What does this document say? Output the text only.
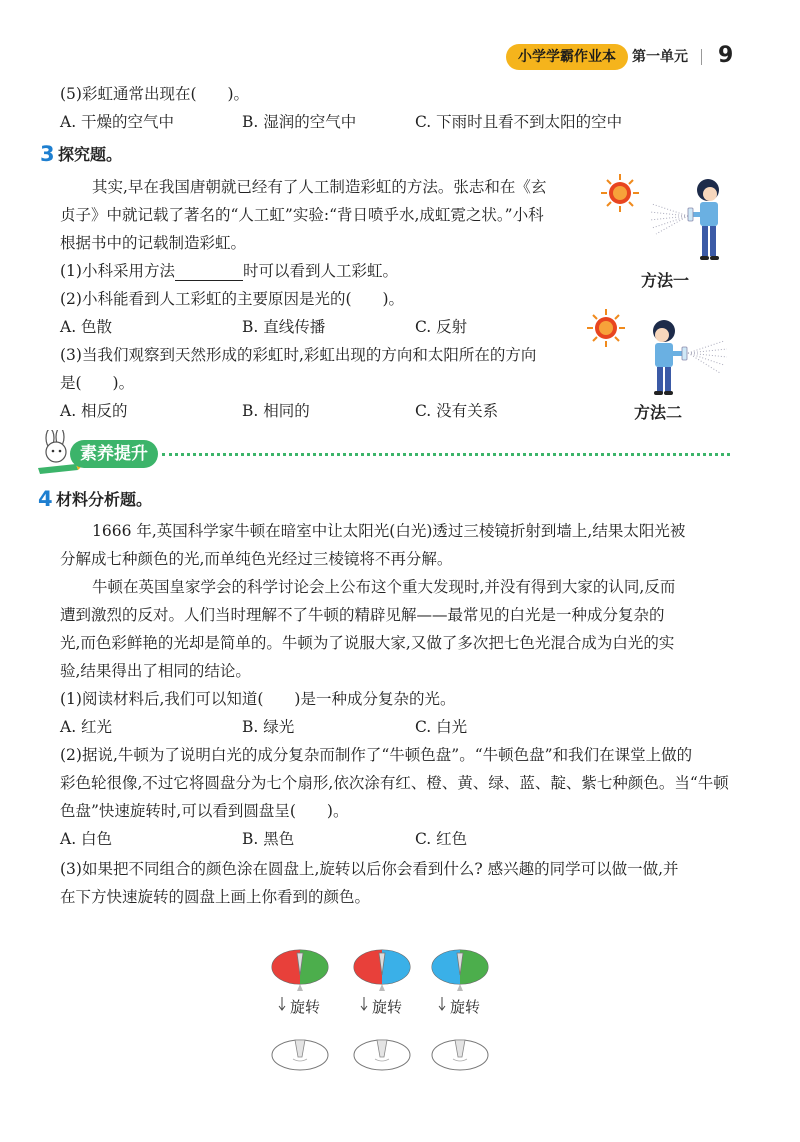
小学学霸作业本	第一单元 9
(5)彩虹通常出现在(　　)。
A. 干燥的空气中	B. 湿润的空气中	C. 下雨时且看不到太阳的空中
3 探究题。
其实,早在我国唐朝就已经有了人工制造彩虹的方法。张志和在《玄
贞子》中就记载了著名的“人工虹”实验:“背日喷乎水,成虹霓之状。”小科
根据书中的记载制造彩虹。
(1)小科采用方法	时可以看到人工彩虹。
(2)小科能看到人工彩虹的主要原因是光的(　　)。
A. 色散	B. 直线传播	C. 反射
(3)当我们观察到天然形成的彩虹时,彩虹出现的方向和太阳所在的方向
是(　　)。
A. 相反的	B. 相同的	C. 没有关系
方法一
方法二
素养提升
4 材料分析题。
1666 年,英国科学家牛顿在暗室中让太阳光(白光)透过三棱镜折射到墙上,结果太阳光被
分解成七种颜色的光,而单纯色光经过三棱镜将不再分解。
牛顿在英国皇家学会的科学讨论会上公布这个重大发现时,并没有得到大家的认同,反而
遭到激烈的反对。人们当时理解不了牛顿的精辟见解——最常见的白光是一种成分复杂的
光,而色彩鲜艳的光却是简单的。牛顿为了说服大家,又做了多次把七色光混合成为白光的实
验,结果得出了相同的结论。
(1)阅读材料后,我们可以知道(　　)是一种成分复杂的光。
A. 红光	B. 绿光	C. 白光
(2)据说,牛顿为了说明白光的成分复杂而制作了“牛顿色盘”。“牛顿色盘”和我们在课堂上做的
彩色轮很像,不过它将圆盘分为七个扇形,依次涂有红、橙、黄、绿、蓝、靛、紫七种颜色。当“牛顿
色盘”快速旋转时,可以看到圆盘呈(　　)。
A. 白色	B. 黑色	C. 红色
(3)如果把不同组合的颜色涂在圆盘上,旋转以后你会看到什么? 感兴趣的同学可以做一做,并
在下方快速旋转的圆盘上画上你看到的颜色。
旋转	旋转	旋转
